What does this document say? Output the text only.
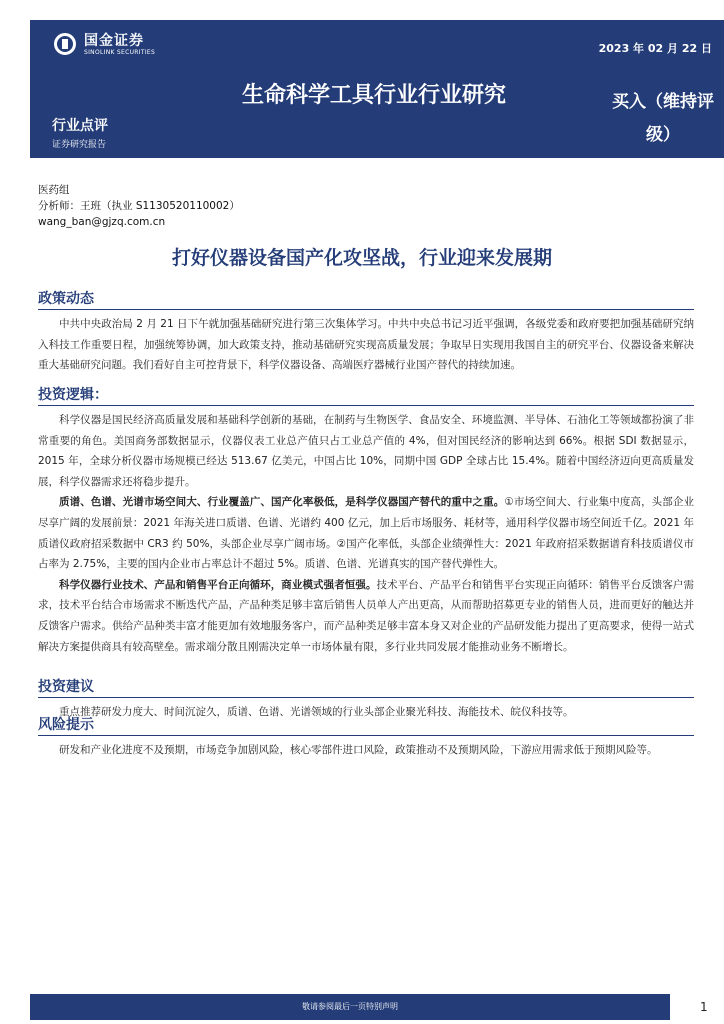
国金证券
SINOLINK SECURITIES	2023 年 02 月 22 日
生命科学工具行业行业研究	买入（维持评级）
行业点评
证券研究报告
医药组
分析师：王班（执业 S1130520110002）
wang_ban@gjzq.com.cn
打好仪器设备国产化攻坚战，行业迎来发展期
政策动态

中共中央政治局 2 月 21 日下午就加强基础研究进行第三次集体学习。中共中央总书记习近平强调，各级党委和政府要把加强基础研究纳入科技工作重要日程，加强统筹协调，加大政策支持，推动基础研究实现高质量发展；争取早日实现用我国自主的研究平台、仪器设备来解决重大基础研究问题。我们看好自主可控背景下，科学仪器设备、高端医疗器械行业国产替代的持续加速。

投资逻辑：

科学仪器是国民经济高质量发展和基础科学创新的基础，在制药与生物医学、食品安全、环境监测、半导体、石油化工等领域都扮演了非常重要的角色。美国商务部数据显示，仪器仪表工业总产值只占工业总产值的 4%，但对国民经济的影响达到 66%。根据 SDI 数据显示，2015 年，全球分析仪器市场规模已经达 513.67 亿美元，中国占比 10%，同期中国 GDP 全球占比 15.4%。随着中国经济迈向更高质量发展，科学仪器需求还将稳步提升。

质谱、色谱、光谱市场空间大、行业覆盖广、国产化率极低，是科学仪器国产替代的重中之重。①市场空间大、行业集中度高，头部企业尽享广阔的发展前景：2021 年海关进口质谱、色谱、光谱约 400 亿元，加上后市场服务、耗材等，通用科学仪器市场空间近千亿。2021 年质谱仪政府招采数据中 CR3 约 50%，头部企业尽享广阔市场。②国产化率低，头部企业绩弹性大：2021 年政府招采数据谱育科技质谱仪市占率为 2.75%，主要的国内企业市占率总计不超过 5%。质谱、色谱、光谱真实的国产替代弹性大。

科学仪器行业技术、产品和销售平台正向循环，商业模式强者恒强。技术平台、产品平台和销售平台实现正向循环：销售平台反馈客户需求，技术平台结合市场需求不断迭代产品，产品种类足够丰富后销售人员单人产出更高，从而帮助招募更专业的销售人员，进而更好的触达并反馈客户需求。供给产品种类丰富才能更加有效地服务客户，而产品种类足够丰富本身又对企业的产品研发能力提出了更高要求，使得一站式解决方案提供商具有较高壁垒。需求端分散且刚需决定单一市场体量有限，多行业共同发展才能推动业务不断增长。

投资建议

重点推荐研发力度大、时间沉淀久，质谱、色谱、光谱领域的行业头部企业聚光科技、海能技术、皖仪科技等。

风险提示

研发和产业化进度不及预期，市场竞争加剧风险，核心零部件进口风险，政策推动不及预期风险，下游应用需求低于预期风险等。

敬请参阅最后一页特别声明	1
